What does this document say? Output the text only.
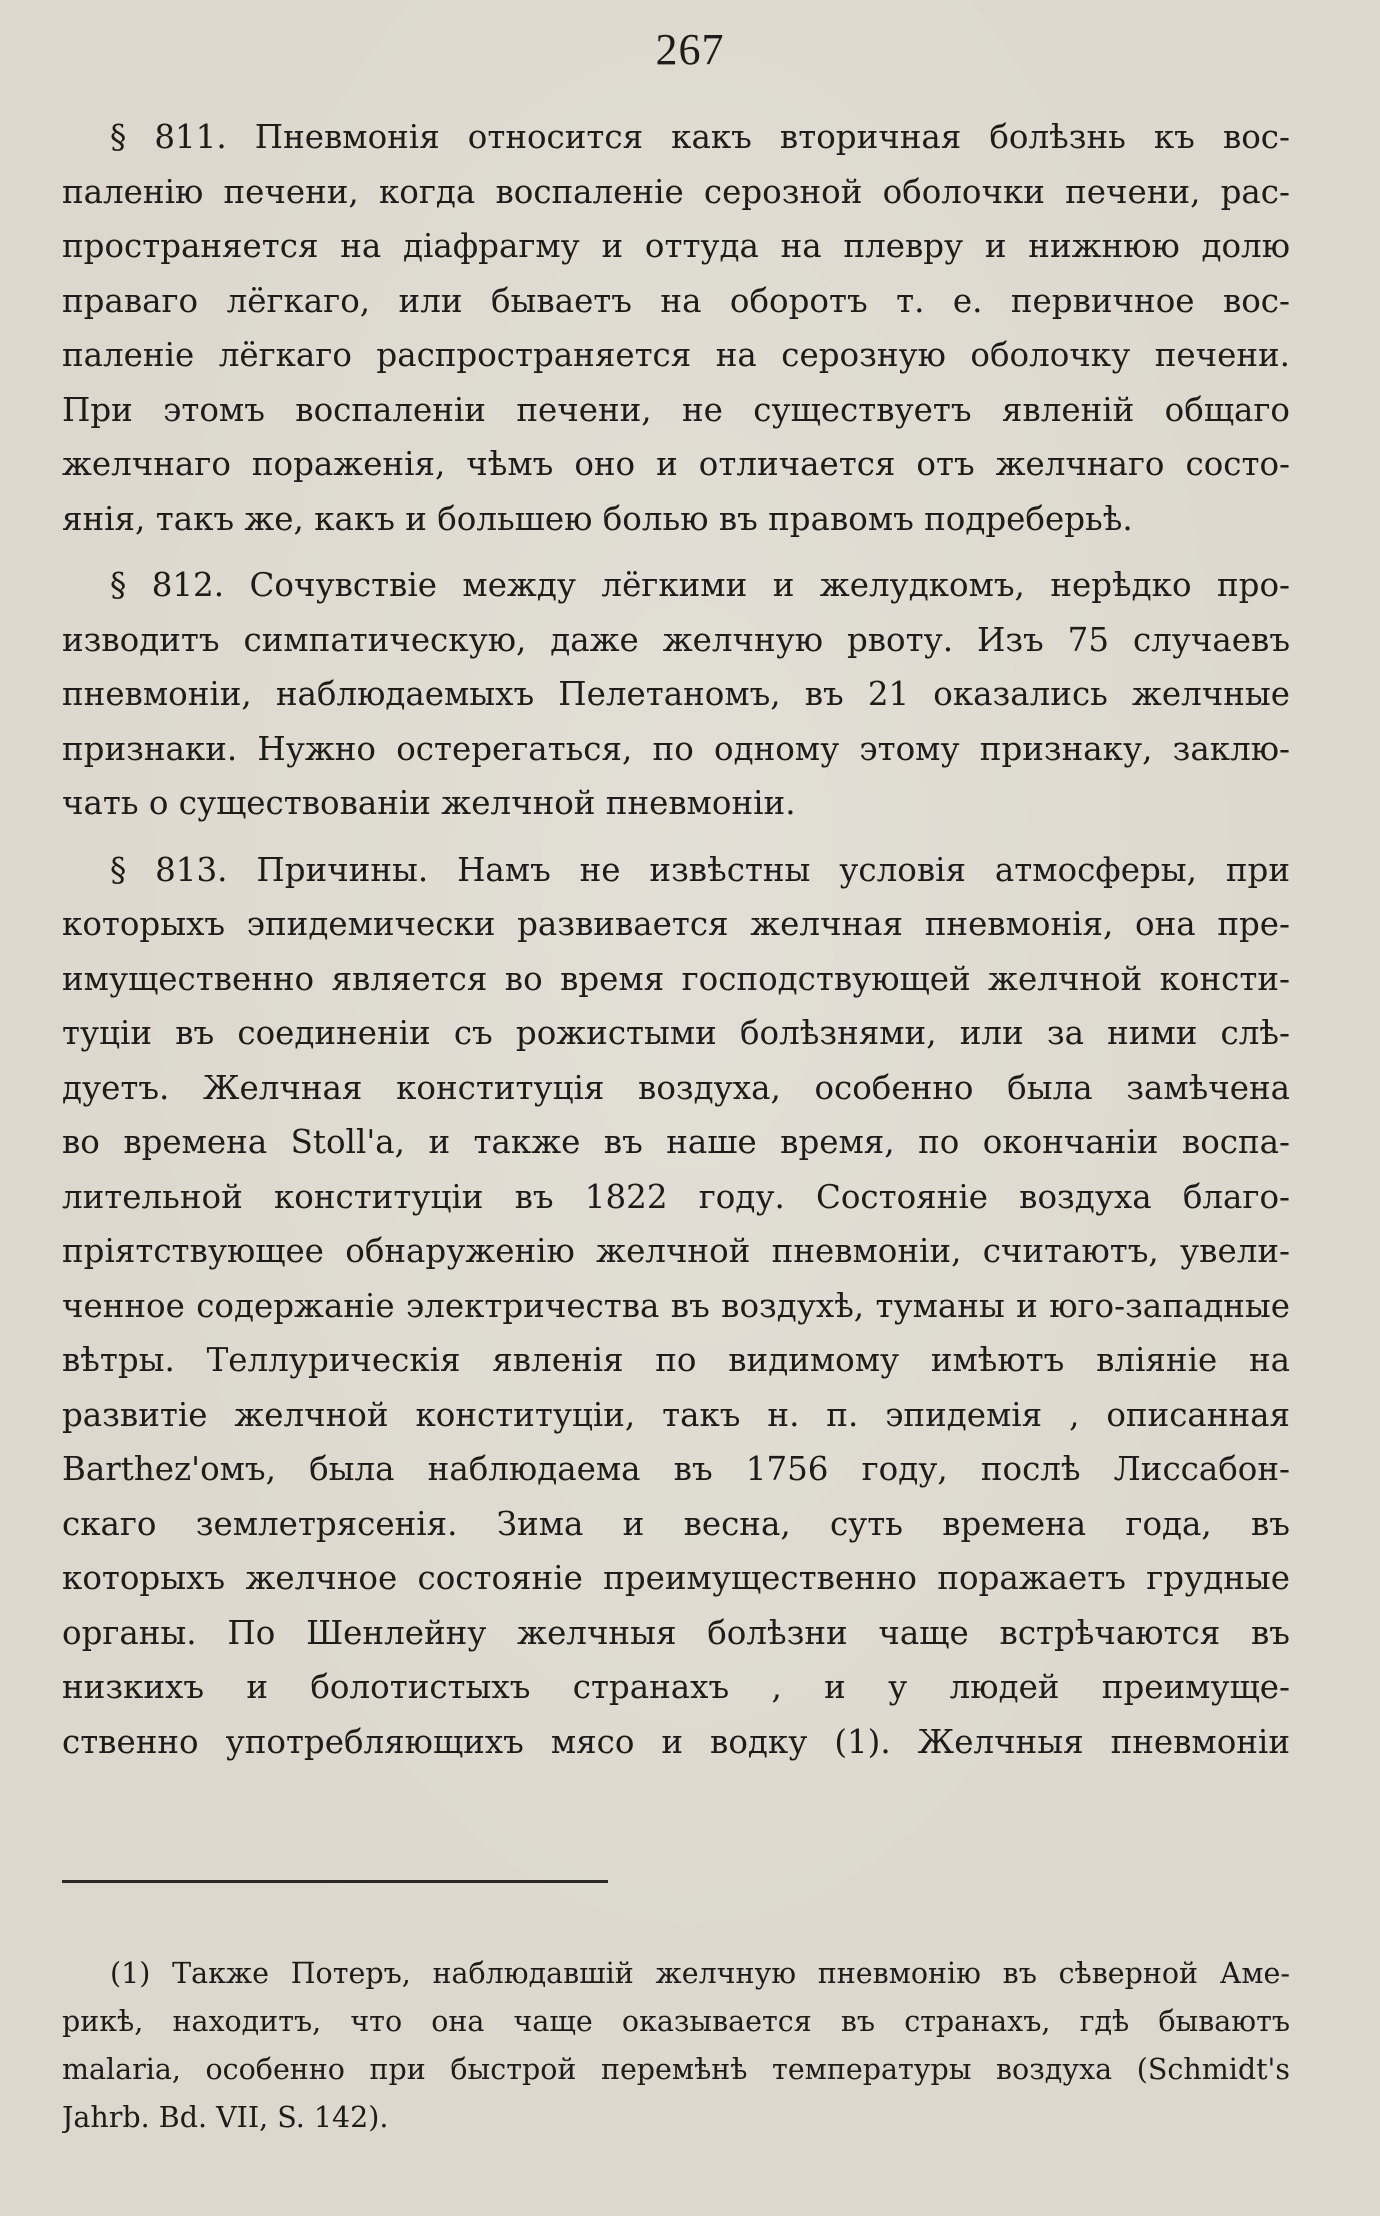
267
§ 811. Пневмонія относится какъ вторичная болѣзнь къ вос-
паленію печени, когда воспаленіе серозной оболочки печени, рас-
пространяется на діафрагму и оттуда на плевру и нижнюю долю
праваго лёгкаго, или бываетъ на оборотъ т. е. первичное вос-
паленіе лёгкаго распространяется на серозную оболочку печени.
При этомъ воспаленіи печени, не существуетъ явленій общаго
желчнаго пораженія, чѣмъ оно и отличается отъ желчнаго состо-
янія, такъ же, какъ и большею болью въ правомъ подреберьѣ.
§ 812. Сочувствіе между лёгкими и желудкомъ, нерѣдко про-
изводитъ симпатическую, даже желчную рвоту. Изъ 75 случаевъ
пневмоніи, наблюдаемыхъ Пелетаномъ, въ 21 оказались желчные
признаки. Нужно остерегаться, по одному этому признаку, заклю-
чать о существованіи желчной пневмоніи.
§ 813. Причины. Намъ не извѣстны условія атмосферы, при
которыхъ эпидемически развивается желчная пневмонія, она пре-
имущественно является во время господствующей желчной консти-
туціи въ соединеніи съ рожистыми болѣзнями, или за ними слѣ-
дуетъ. Желчная конституція воздуха, особенно была замѣчена
во времена Stoll'а, и также въ наше время, по окончаніи воспа-
лительной конституціи въ 1822 году. Состояніе воздуха благо-
пріятствующее обнаруженію желчной пневмоніи, считаютъ, увели-
ченное содержаніе электричества въ воздухѣ, туманы и юго-западные
вѣтры. Теллурическія явленія по видимому имѣютъ вліяніе на
развитіе желчной конституціи, такъ н. п. эпидемія , описанная
Barthez'омъ, была наблюдаема въ 1756 году, послѣ Лиссабон-
скаго землетрясенія. Зима и весна, суть времена года, въ
которыхъ желчное состояніе преимущественно поражаетъ грудные
органы. По Шенлейну желчныя болѣзни чаще встрѣчаются въ
низкихъ и болотистыхъ странахъ , и у людей преимуще-
ственно употребляющихъ мясо и водку (1). Желчныя пневмоніи
(1) Также Потеръ, наблюдавшій желчную пневмонію въ сѣверной Аме-
рикѣ, находитъ, что она чаще оказывается въ странахъ, гдѣ бываютъ
malaria, особенно при быстрой перемѣнѣ температуры воздуха (Schmidt's
Jahrb. Bd. VII, S. 142).
